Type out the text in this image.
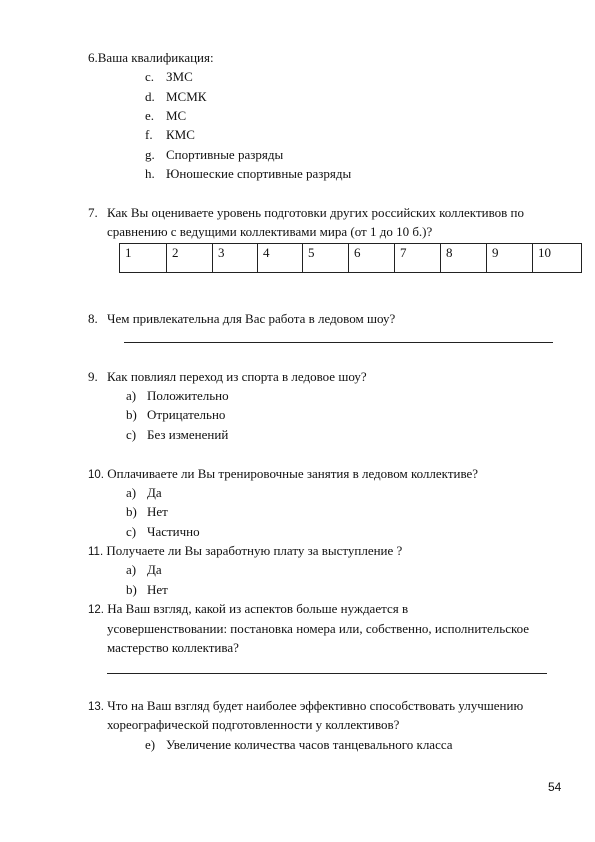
6.Ваша квалификация:
c. ЗМС
d. МСМК
e. МС
f. КМС
g. Спортивные разряды
h. Юношеские спортивные разряды
7. Как Вы оцениваете уровень подготовки других российских коллективов по
сравнению с ведущими коллективами мира (от 1 до 10 б.)?
1	2	3	4	5	6	7	8	9	10
8. Чем привлекательна для Вас работа в ледовом шоу?
9. Как повлиял переход из спорта в ледовое шоу?
a) Положительно
b) Отрицательно
c) Без изменений
10. Оплачиваете ли Вы тренировочные занятия в ледовом коллективе?
a) Да
b) Нет
c) Частично
11. Получаете ли Вы заработную плату за выступление ?
a) Да
b) Нет
12. На Ваш взгляд, какой из аспектов больше нуждается в
усовершенствовании: постановка номера или, собственно, исполнительское
мастерство коллектива?
13. Что на Ваш взгляд будет наиболее эффективно способствовать улучшению
хореографической подготовленности у коллективов?
e) Увеличение количества часов танцевального класса
54
